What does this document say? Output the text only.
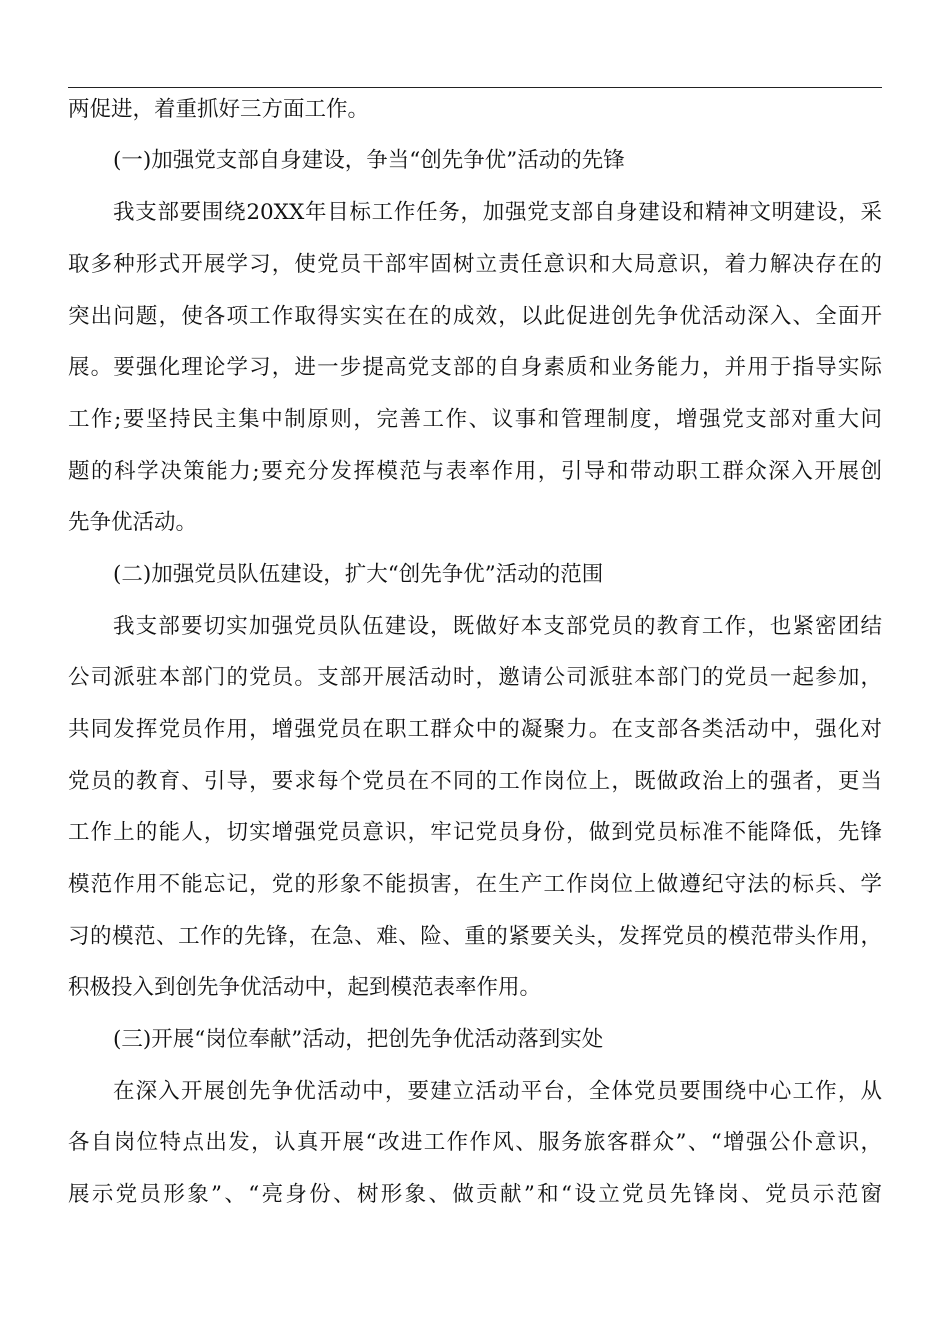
两促进，着重抓好三方面工作。
(一)加强党支部自身建设，争当“创先争优”活动的先锋
我支部要围绕20XX年目标工作任务，加强党支部自身建设和精神文明建设，采
取多种形式开展学习，使党员干部牢固树立责任意识和大局意识，着力解决存在的
突出问题，使各项工作取得实实在在的成效，以此促进创先争优活动深入、全面开
展。要强化理论学习，进一步提高党支部的自身素质和业务能力，并用于指导实际
工作;要坚持民主集中制原则，完善工作、议事和管理制度，增强党支部对重大问
题的科学决策能力;要充分发挥模范与表率作用，引导和带动职工群众深入开展创
先争优活动。
(二)加强党员队伍建设，扩大“创先争优”活动的范围
我支部要切实加强党员队伍建设，既做好本支部党员的教育工作，也紧密团结
公司派驻本部门的党员。支部开展活动时，邀请公司派驻本部门的党员一起参加，
共同发挥党员作用，增强党员在职工群众中的凝聚力。在支部各类活动中，强化对
党员的教育、引导，要求每个党员在不同的工作岗位上，既做政治上的强者，更当
工作上的能人，切实增强党员意识，牢记党员身份，做到党员标准不能降低，先锋
模范作用不能忘记，党的形象不能损害，在生产工作岗位上做遵纪守法的标兵、学
习的模范、工作的先锋，在急、难、险、重的紧要关头，发挥党员的模范带头作用，
积极投入到创先争优活动中，起到模范表率作用。
(三)开展“岗位奉献”活动，把创先争优活动落到实处
在深入开展创先争优活动中，要建立活动平台，全体党员要围绕中心工作，从
各自岗位特点出发，认真开展“改进工作作风、服务旅客群众”、“增强公仆意识，
展示党员形象”、“亮身份、树形象、做贡献”和“设立党员先锋岗、党员示范窗
